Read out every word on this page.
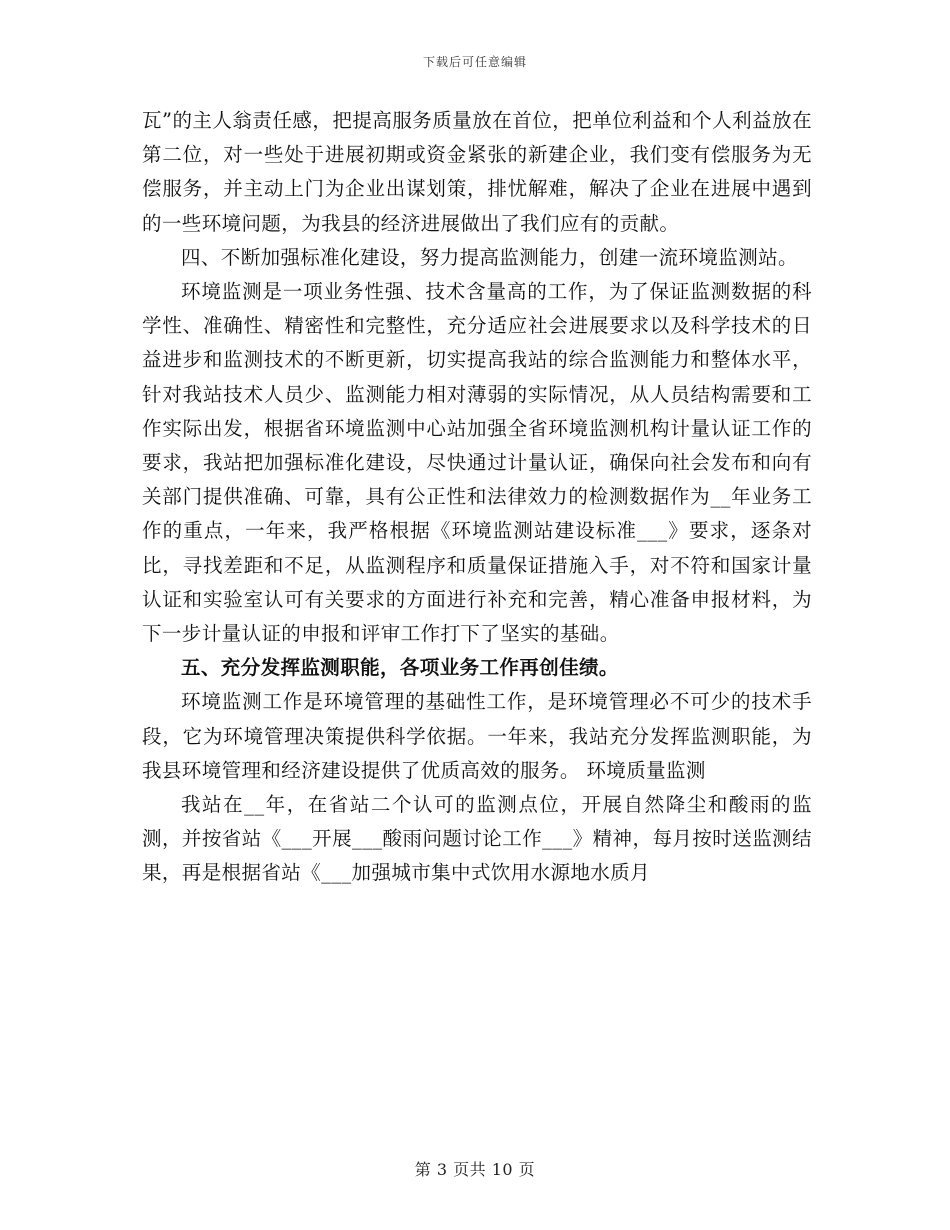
下载后可任意编辑

瓦”的主人翁责任感，把提高服务质量放在首位，把单位利益和个人利益放在第二位，对一些处于进展初期或资金紧张的新建企业，我们变有偿服务为无偿服务，并主动上门为企业出谋划策，排忧解难，解决了企业在进展中遇到的一些环境问题，为我县的经济进展做出了我们应有的贡献。

四、不断加强标准化建设，努力提高监测能力，创建一流环境监测站。

环境监测是一项业务性强、技术含量高的工作，为了保证监测数据的科学性、准确性、精密性和完整性，充分适应社会进展要求以及科学技术的日益进步和监测技术的不断更新，切实提高我站的综合监测能力和整体水平，针对我站技术人员少、监测能力相对薄弱的实际情况，从人员结构需要和工作实际出发，根据省环境监测中心站加强全省环境监测机构计量认证工作的要求，我站把加强标准化建设，尽快通过计量认证，确保向社会发布和向有关部门提供准确、可靠，具有公正性和法律效力的检测数据作为__年业务工作的重点，一年来，我严格根据《环境监测站建设标准___》要求，逐条对比，寻找差距和不足，从监测程序和质量保证措施入手，对不符和国家计量认证和实验室认可有关要求的方面进行补充和完善，精心准备申报材料，为下一步计量认证的申报和评审工作打下了坚实的基础。

五、充分发挥监测职能，各项业务工作再创佳绩。

环境监测工作是环境管理的基础性工作，是环境管理必不可少的技术手段，它为环境管理决策提供科学依据。一年来，我站充分发挥监测职能，为我县环境管理和经济建设提供了优质高效的服务。 环境质量监测

我站在__年，在省站二个认可的监测点位，开展自然降尘和酸雨的监测，并按省站《___开展___酸雨问题讨论工作___》精神，每月按时送监测结果，再是根据省站《___加强城市集中式饮用水源地水质月

第 3 页共 10 页
